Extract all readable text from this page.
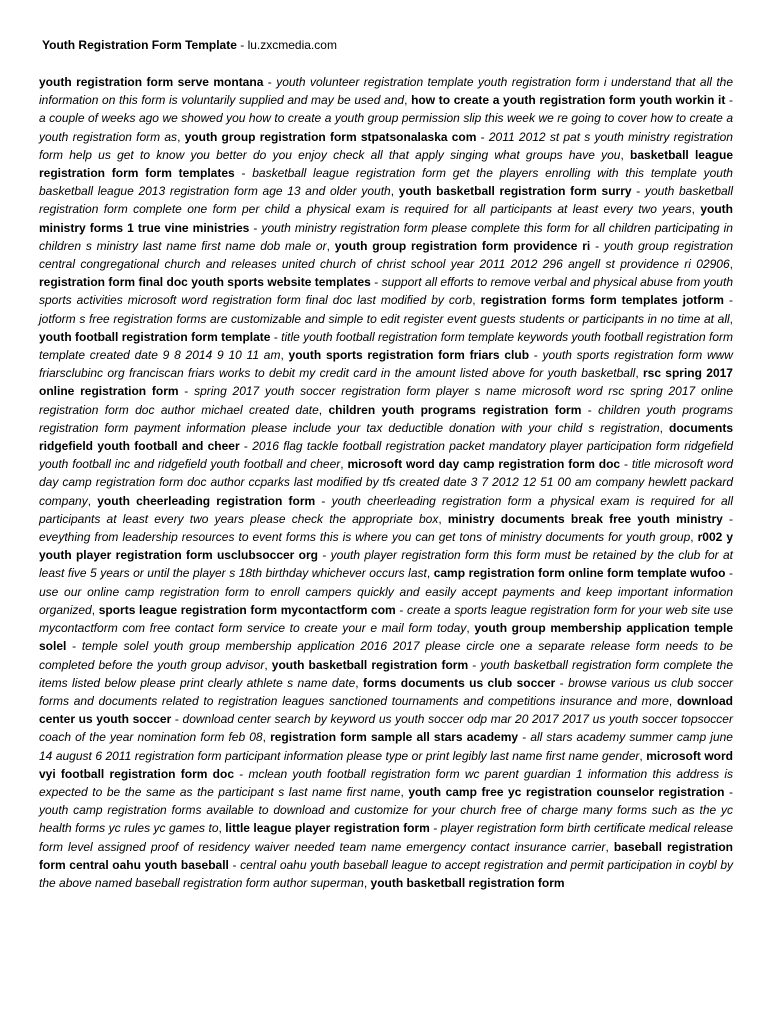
Youth Registration Form Template - lu.zxcmedia.com
youth registration form serve montana - youth volunteer registration template youth registration form i understand that all the information on this form is voluntarily supplied and may be used and, how to create a youth registration form youth workin it - a couple of weeks ago we showed you how to create a youth group permission slip this week we re going to cover how to create a youth registration form as, youth group registration form stpatsonalaska com - 2011 2012 st pat s youth ministry registration form help us get to know you better do you enjoy check all that apply singing what groups have you, basketball league registration form form templates - basketball league registration form get the players enrolling with this template youth basketball league 2013 registration form age 13 and older youth, youth basketball registration form surry - youth basketball registration form complete one form per child a physical exam is required for all participants at least every two years, youth ministry forms 1 true vine ministries - youth ministry registration form please complete this form for all children participating in children s ministry last name first name dob male or, youth group registration form providence ri - youth group registration central congregational church and releases united church of christ school year 2011 2012 296 angell st providence ri 02906, registration form final doc youth sports website templates - support all efforts to remove verbal and physical abuse from youth sports activities microsoft word registration form final doc last modified by corb, registration forms form templates jotform - jotform s free registration forms are customizable and simple to edit register event guests students or participants in no time at all, youth football registration form template - title youth football registration form template keywords youth football registration form template created date 9 8 2014 9 10 11 am, youth sports registration form friars club - youth sports registration form www friarsclubinc org franciscan friars works to debit my credit card in the amount listed above for youth basketball, rsc spring 2017 online registration form - spring 2017 youth soccer registration form player s name microsoft word rsc spring 2017 online registration form doc author michael created date, children youth programs registration form - children youth programs registration form payment information please include your tax deductible donation with your child s registration, documents ridgefield youth football and cheer - 2016 flag tackle football registration packet mandatory player participation form ridgefield youth football inc and ridgefield youth football and cheer, microsoft word day camp registration form doc - title microsoft word day camp registration form doc author ccparks last modified by tfs created date 3 7 2012 12 51 00 am company hewlett packard company, youth cheerleading registration form - youth cheerleading registration form a physical exam is required for all participants at least every two years please check the appropriate box, ministry documents break free youth ministry - eveything from leadership resources to event forms this is where you can get tons of ministry documents for youth group, r002 y youth player registration form usclubsoccer org - youth player registration form this form must be retained by the club for at least five 5 years or until the player s 18th birthday whichever occurs last, camp registration form online form template wufoo - use our online camp registration form to enroll campers quickly and easily accept payments and keep important information organized, sports league registration form mycontactform com - create a sports league registration form for your web site use mycontactform com free contact form service to create your e mail form today, youth group membership application temple solel - temple solel youth group membership application 2016 2017 please circle one a separate release form needs to be completed before the youth group advisor, youth basketball registration form - youth basketball registration form complete the items listed below please print clearly athlete s name date, forms documents us club soccer - browse various us club soccer forms and documents related to registration leagues sanctioned tournaments and competitions insurance and more, download center us youth soccer - download center search by keyword us youth soccer odp mar 20 2017 2017 us youth soccer topsoccer coach of the year nomination form feb 08, registration form sample all stars academy - all stars academy summer camp june 14 august 6 2011 registration form participant information please type or print legibly last name first name gender, microsoft word vyi football registration form doc - mclean youth football registration form wc parent guardian 1 information this address is expected to be the same as the participant s last name first name, youth camp free yc registration counselor registration - youth camp registration forms available to download and customize for your church free of charge many forms such as the yc health forms yc rules yc games to, little league player registration form - player registration form birth certificate medical release form level assigned proof of residency waiver needed team name emergency contact insurance carrier, baseball registration form central oahu youth baseball - central oahu youth baseball league to accept registration and permit participation in coybl by the above named baseball registration form author superman, youth basketball registration form
